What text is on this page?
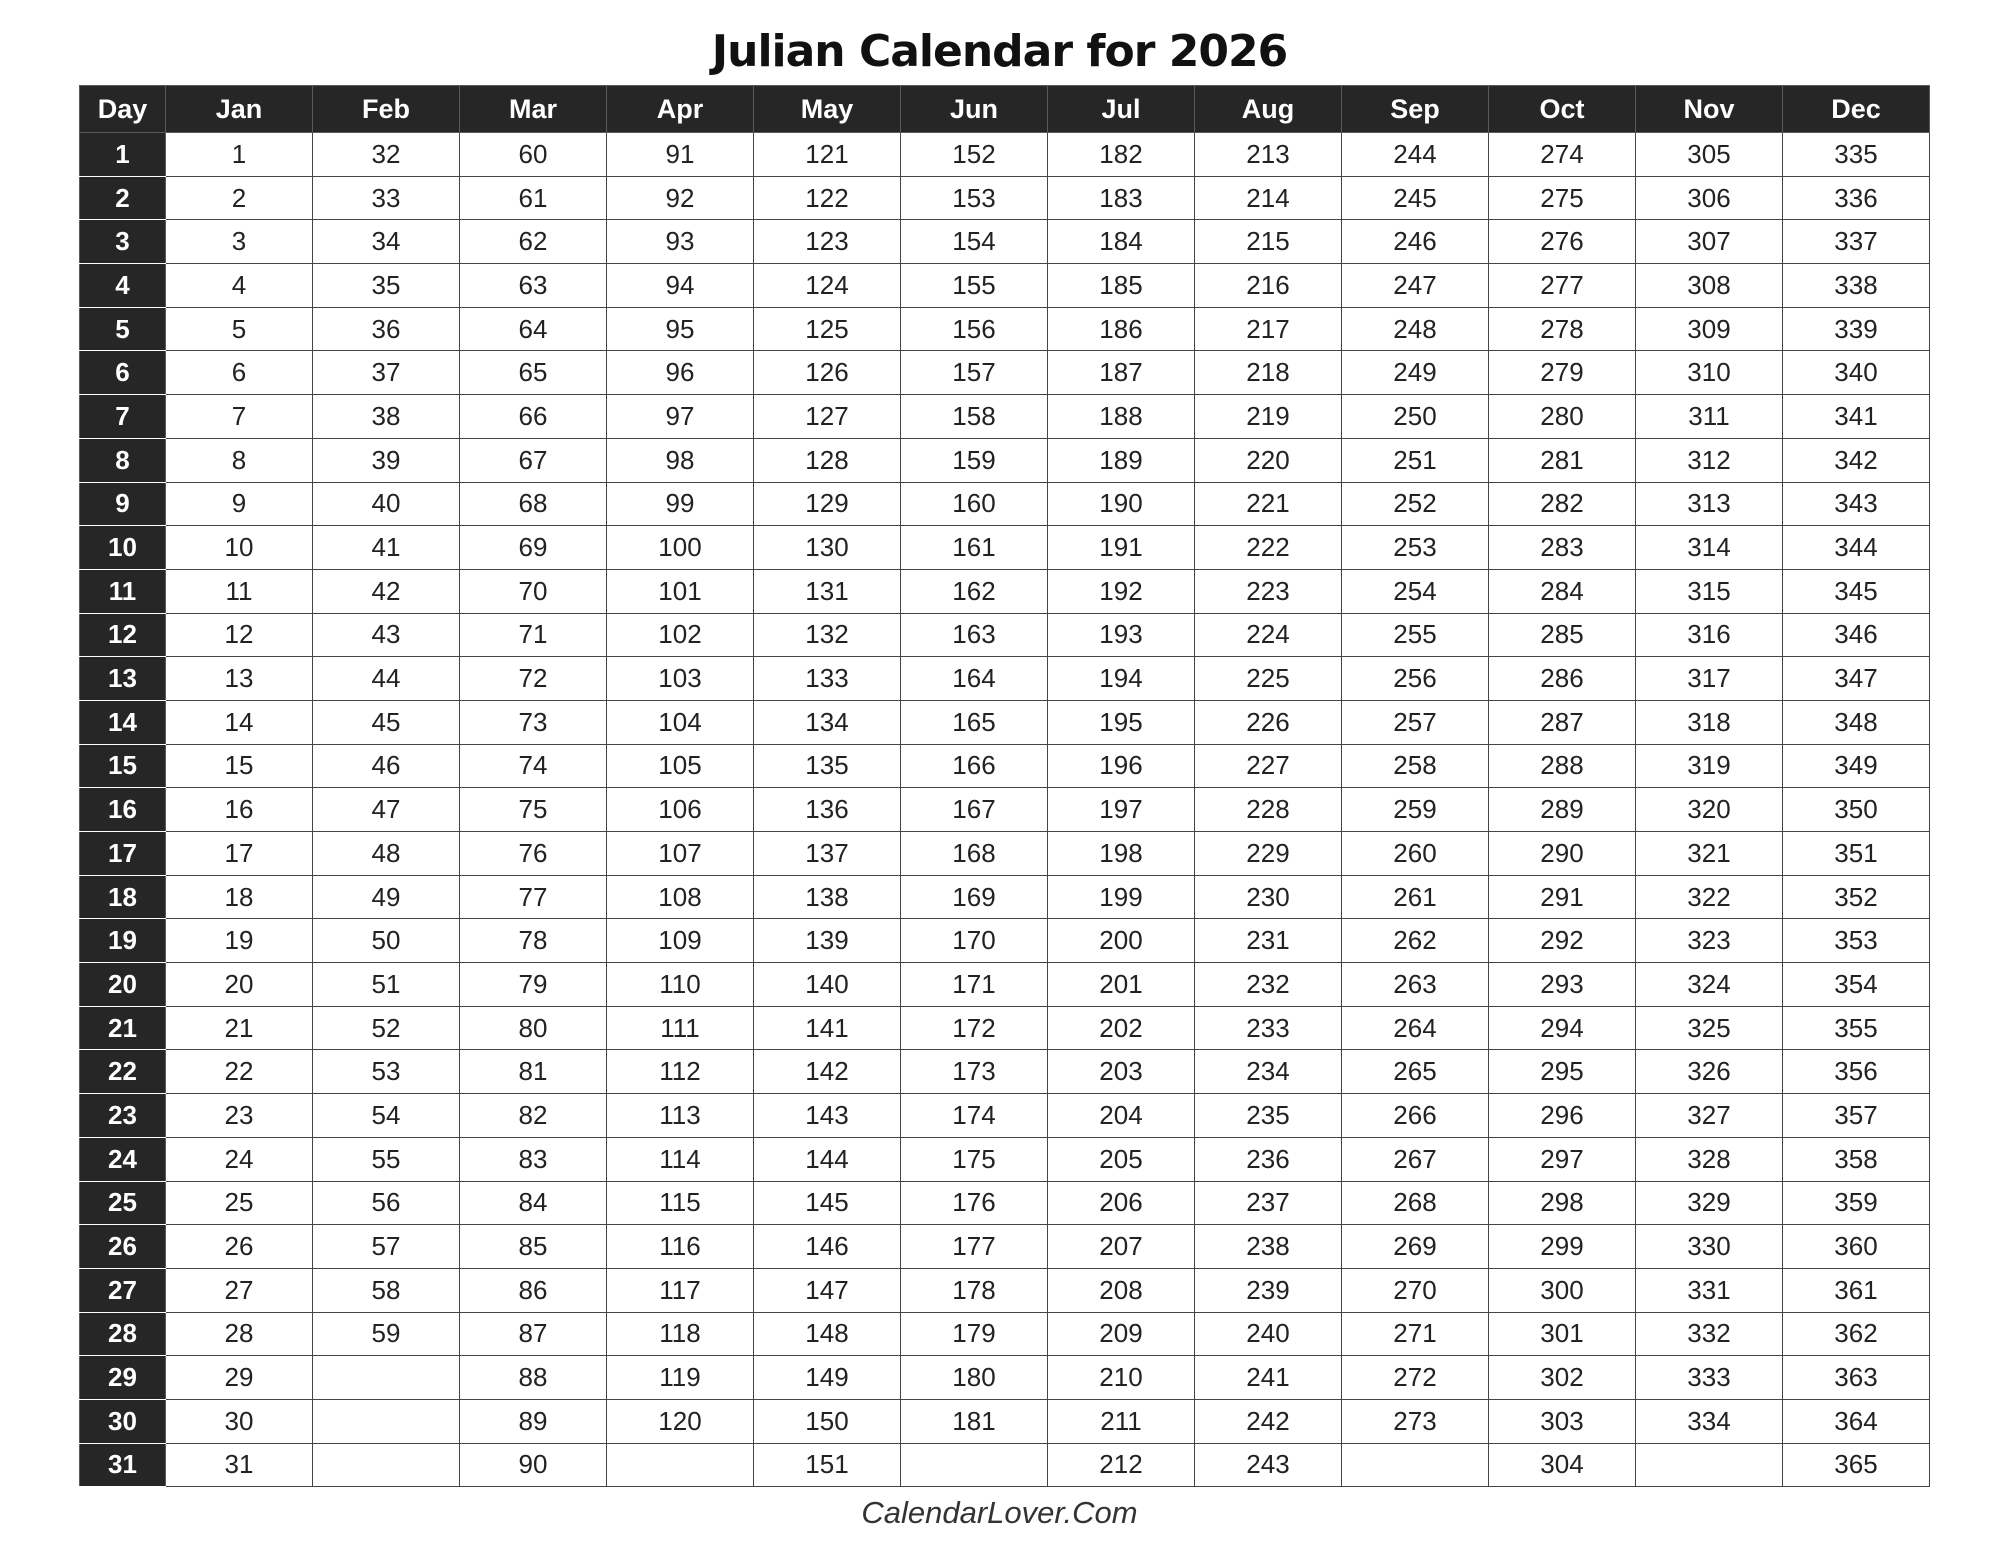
Julian Calendar for 2026
Day	Jan	Feb	Mar	Apr	May	Jun	Jul	Aug	Sep	Oct	Nov	Dec
1	1	32	60	91	121	152	182	213	244	274	305	335
2	2	33	61	92	122	153	183	214	245	275	306	336
3	3	34	62	93	123	154	184	215	246	276	307	337
4	4	35	63	94	124	155	185	216	247	277	308	338
5	5	36	64	95	125	156	186	217	248	278	309	339
6	6	37	65	96	126	157	187	218	249	279	310	340
7	7	38	66	97	127	158	188	219	250	280	311	341
8	8	39	67	98	128	159	189	220	251	281	312	342
9	9	40	68	99	129	160	190	221	252	282	313	343
10	10	41	69	100	130	161	191	222	253	283	314	344
11	11	42	70	101	131	162	192	223	254	284	315	345
12	12	43	71	102	132	163	193	224	255	285	316	346
13	13	44	72	103	133	164	194	225	256	286	317	347
14	14	45	73	104	134	165	195	226	257	287	318	348
15	15	46	74	105	135	166	196	227	258	288	319	349
16	16	47	75	106	136	167	197	228	259	289	320	350
17	17	48	76	107	137	168	198	229	260	290	321	351
18	18	49	77	108	138	169	199	230	261	291	322	352
19	19	50	78	109	139	170	200	231	262	292	323	353
20	20	51	79	110	140	171	201	232	263	293	324	354
21	21	52	80	111	141	172	202	233	264	294	325	355
22	22	53	81	112	142	173	203	234	265	295	326	356
23	23	54	82	113	143	174	204	235	266	296	327	357
24	24	55	83	114	144	175	205	236	267	297	328	358
25	25	56	84	115	145	176	206	237	268	298	329	359
26	26	57	85	116	146	177	207	238	269	299	330	360
27	27	58	86	117	147	178	208	239	270	300	331	361
28	28	59	87	118	148	179	209	240	271	301	332	362
29	29		88	119	149	180	210	241	272	302	333	363
30	30		89	120	150	181	211	242	273	303	334	364
31	31		90		151		212	243		304		365
CalendarLover.Com
